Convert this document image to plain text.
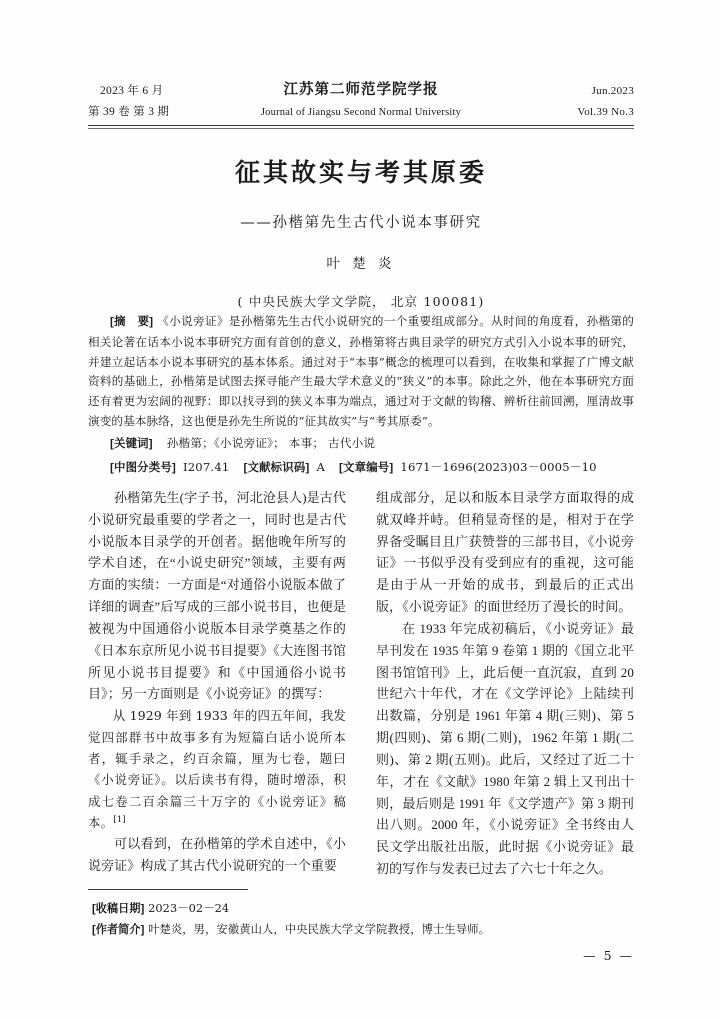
2023 年 6 月	江苏第二师范学院学报	Jun.2023
第 39 卷 第 3 期	Journal of Jiangsu Second Normal University	Vol.39 No.3
征其故实与考其原委
——孙楷第先生古代小说本事研究
叶 楚 炎
( 中央民族大学文学院， 北京 100081)
[摘　要] 《小说旁证》是孙楷第先生古代小说研究的一个重要组成部分。从时间的角度看，孙楷第的相关论著在话本小说本事研究方面有首创的意义，孙楷第将古典目录学的研究方式引入小说本事的研究，并建立起话本小说本事研究的基本体系。通过对于“本事”概念的梳理可以看到，在收集和掌握了广博文献资料的基础上，孙楷第是试图去探寻能产生最大学术意义的“狭义”的本事。除此之外，他在本事研究方面还有着更为宏阔的视野：即以找寻到的狭义本事为端点，通过对于文献的钩稽、辨析往前回溯，厘清故事演变的基本脉络，这也便是孙先生所说的“征其故实”与“考其原委”。
[关键词] 孙楷第；《小说旁证》； 本事； 古代小说
[中图分类号] I207.41 [文献标识码] A [文章编号] 1671－1696(2023)03－0005－10

孙楷第先生(字子书，河北沧县人)是古代小说研究最重要的学者之一，同时也是古代小说版本目录学的开创者。据他晚年所写的学术自述，在“小说史研究”领域，主要有两方面的实绩：一方面是“对通俗小说版本做了详细的调查”后写成的三部小说书目，也便是被视为中国通俗小说版本目录学奠基之作的《日本东京所见小说书目提要》《大连图书馆所见小说书目提要》和《中国通俗小说书目》；另一方面则是《小说旁证》的撰写：

从 1929 年到 1933 年的四五年间，我发觉四部群书中故事多有为短篇白话小说所本者，辄手录之，约百余篇，厘为七卷，题曰《小说旁证》。以后读书有得，随时增添，积成七卷二百余篇三十万字的《小说旁证》稿本。[1]

可以看到，在孙楷第的学术自述中，《小说旁证》构成了其古代小说研究的一个重要

组成部分，足以和版本目录学方面取得的成就双峰并峙。但稍显奇怪的是，相对于在学界备受瞩目且广获赞誉的三部书目，《小说旁证》一书似乎没有受到应有的重视，这可能是由于从一开始的成书，到最后的正式出版，《小说旁证》的面世经历了漫长的时间。

在 1933 年完成初稿后，《小说旁证》最早刊发在 1935 年第 9 卷第 1 期的《国立北平图书馆馆刊》上，此后便一直沉寂，直到 20 世纪六十年代，才在《文学评论》上陆续刊出数篇，分别是 1961 年第 4 期(三则)、第 5 期(四则)、第 6 期(二则)，1962 年第 1 期(二则)、第 2 期(五则)。此后，又经过了近二十年，才在《文献》1980 年第 2 辑上又刊出十则，最后则是 1991 年《文学遗产》第 3 期刊出八则。2000 年，《小说旁证》全书终由人民文学出版社出版，此时据《小说旁证》最初的写作与发表已过去了六七十年之久。

[收稿日期] 2023－02－24
[作者简介] 叶楚炎，男，安徽黄山人，中央民族大学文学院教授，博士生导师。
— 5 —
